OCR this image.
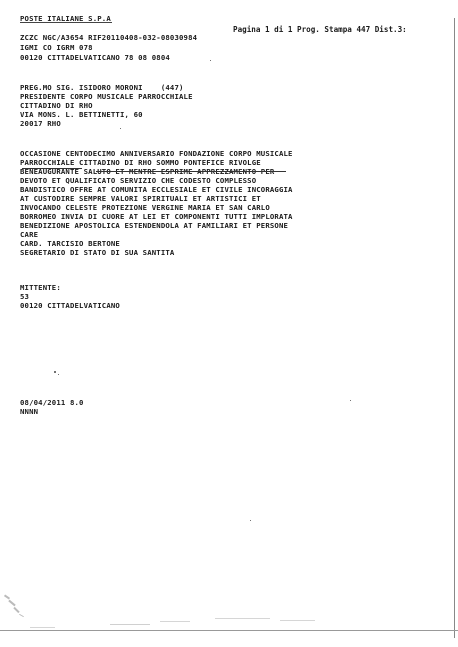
POSTE ITALIANE S.P.A
Pagina 1 di 1 Prog. Stampa 447 Dist.3:
ZCZC NGC/A3654 RIF20110408-032-08030984
IGMI CO IGRM 078
00120 CITTADELVATICANO 78 08 0804
PREG.MO SIG. ISIDORO MORONI    (447)
PRESIDENTE CORPO MUSICALE PARROCCHIALE
CITTADINO DI RHO
VIA MONS. L. BETTINETTI, 60
20017 RHO
OCCASIONE CENTODECIMO ANNIVERSARIO FONDAZIONE CORPO MUSICALE
PARROCCHIALE CITTADINO DI RHO SOMMO PONTEFICE RIVOLGE
BENEAUGURANTE SALUTO ET MENTRE ESPRIME APPREZZAMENTO PER
DEVOTO ET QUALIFICATO SERVIZIO CHE CODESTO COMPLESSO
BANDISTICO OFFRE AT COMUNITA ECCLESIALE ET CIVILE INCORAGGIA
AT CUSTODIRE SEMPRE VALORI SPIRITUALI ET ARTISTICI ET
INVOCANDO CELESTE PROTEZIONE VERGINE MARIA ET SAN CARLO
BORROMEO INVIA DI CUORE AT LEI ET COMPONENTI TUTTI IMPLORATA
BENEDIZIONE APOSTOLICA ESTENDENDOLA AT FAMILIARI ET PERSONE
CARE
CARD. TARCISIO BERTONE
SEGRETARIO DI STATO DI SUA SANTITA
MITTENTE:
53
00120 CITTADELVATICANO
08/04/2011 8.0
NNNN
